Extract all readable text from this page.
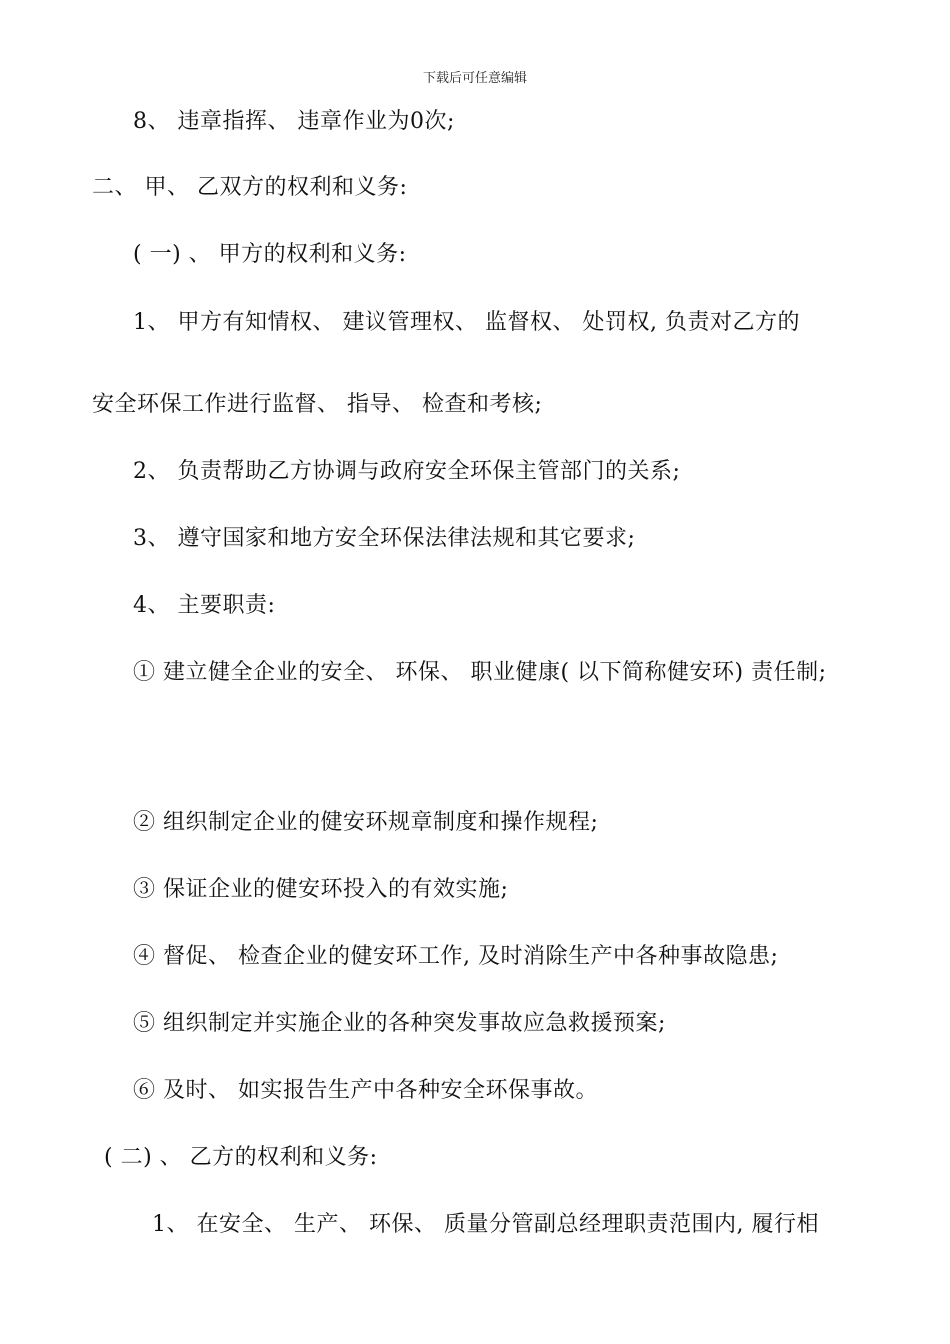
下载后可任意编辑
8、 违章指挥、 违章作业为0次;
二、 甲、 乙双方的权利和义务:
( 一) 、 甲方的权利和义务:
1、 甲方有知情权、 建议管理权、 监督权、 处罚权, 负责对乙方的
安全环保工作进行监督、 指导、 检查和考核;
2、 负责帮助乙方协调与政府安全环保主管部门的关系;
3、 遵守国家和地方安全环保法律法规和其它要求;
4、 主要职责:
① 建立健全企业的安全、 环保、 职业健康( 以下简称健安环) 责任制;
② 组织制定企业的健安环规章制度和操作规程;
③ 保证企业的健安环投入的有效实施;
④ 督促、 检查企业的健安环工作, 及时消除生产中各种事故隐患;
⑤ 组织制定并实施企业的各种突发事故应急救援预案;
⑥ 及时、 如实报告生产中各种安全环保事故。
( 二) 、 乙方的权利和义务:
1、 在安全、 生产、 环保、 质量分管副总经理职责范围内, 履行相
